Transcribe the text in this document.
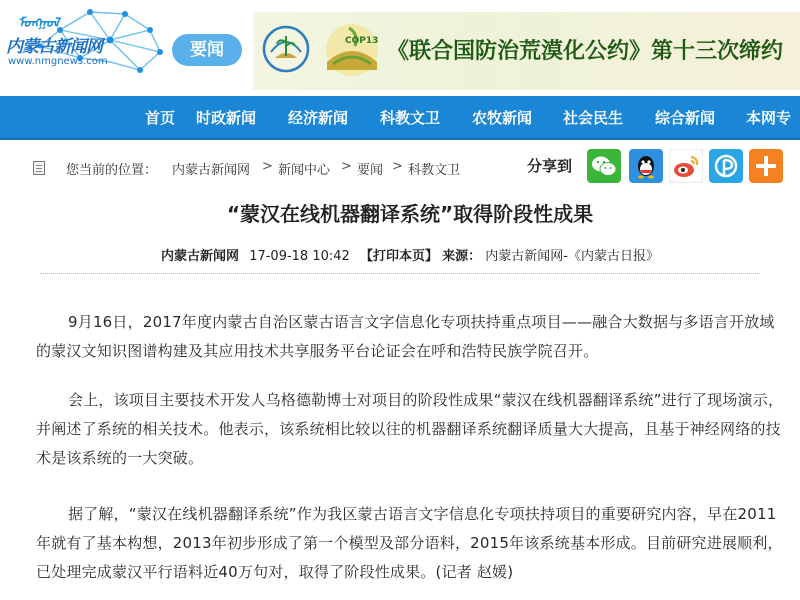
ᠮᠣᠩᠭ᠋ᠣᠯ
内蒙古新闻网
www.nmgnews.com
要闻	COP13 《联合国防治荒漠化公约》第十三次缔约
首页 时政新闻 经济新闻 科教文卫 农牧新闻 社会民生 综合新闻 本网专
您当前的位置： 内蒙古新闻网 > 新闻中心 > 要闻 > 科教文卫	分享到
“蒙汉在线机器翻译系统”取得阶段性成果
内蒙古新闻网 17-09-18 10:42 【打印本页】 来源： 内蒙古新闻网-《内蒙古日报》

9月16日，2017年度内蒙古自治区蒙古语言文字信息化专项扶持重点项目——融合大数据与多语言开放域的蒙汉文知识图谱构建及其应用技术共享服务平台论证会在呼和浩特民族学院召开。

会上，该项目主要技术开发人乌格德勒博士对项目的阶段性成果“蒙汉在线机器翻译系统”进行了现场演示，并阐述了系统的相关技术。他表示，该系统相比较以往的机器翻译系统翻译质量大大提高，且基于神经网络的技术是该系统的一大突破。

据了解，“蒙汉在线机器翻译系统”作为我区蒙古语言文字信息化专项扶持项目的重要研究内容，早在2011年就有了基本构想，2013年初步形成了第一个模型及部分语料，2015年该系统基本形成。目前研究进展顺利，已处理完成蒙汉平行语料近40万句对，取得了阶段性成果。(记者 赵媛)
